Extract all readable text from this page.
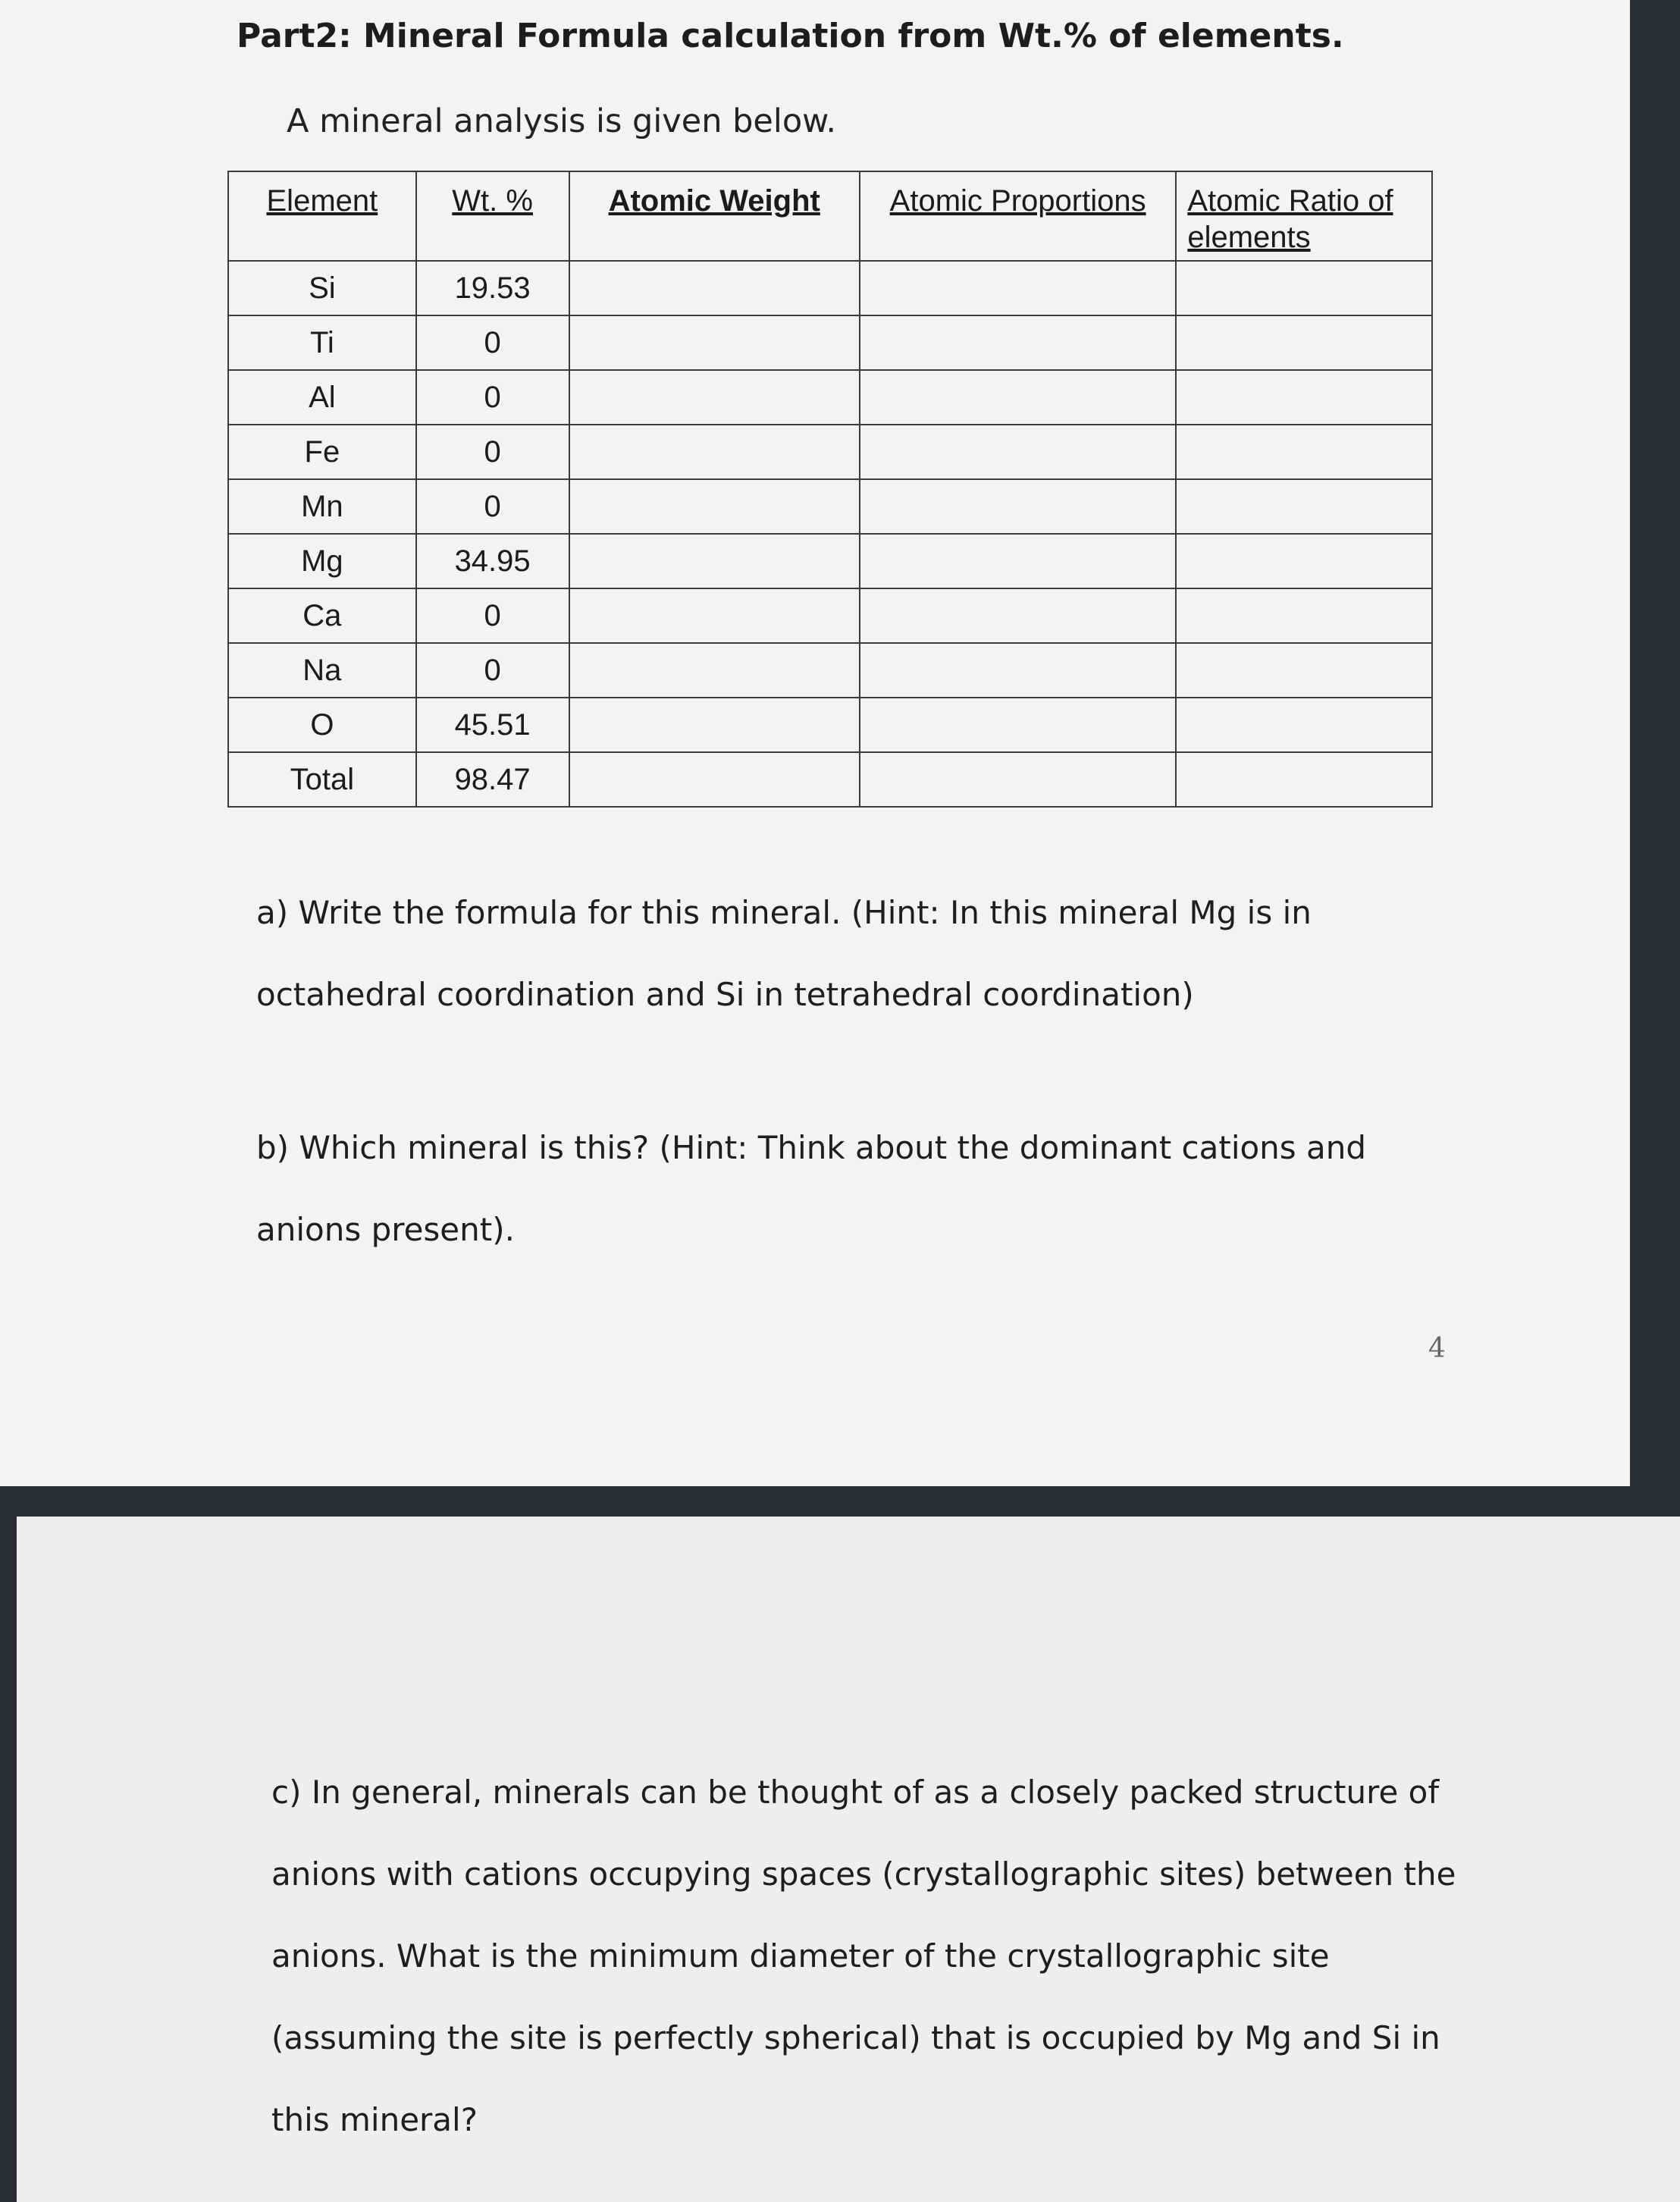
Part2: Mineral Formula calculation from Wt.% of elements.
A mineral analysis is given below.
Element	Wt. %	Atomic Weight	Atomic Proportions	Atomic Ratio of elements
Si	19.53			
Ti	0			
Al	0			
Fe	0			
Mn	0			
Mg	34.95			
Ca	0			
Na	0			
O	45.51			
Total	98.47			
a) Write the formula for this mineral. (Hint: In this mineral Mg is in octahedral coordination and Si in tetrahedral coordination)
b) Which mineral is this? (Hint: Think about the dominant cations and anions present).
4
c) In general, minerals can be thought of as a closely packed structure of anions with cations occupying spaces (crystallographic sites) between the anions. What is the minimum diameter of the crystallographic site (assuming the site is perfectly spherical) that is occupied by Mg and Si in this mineral?
